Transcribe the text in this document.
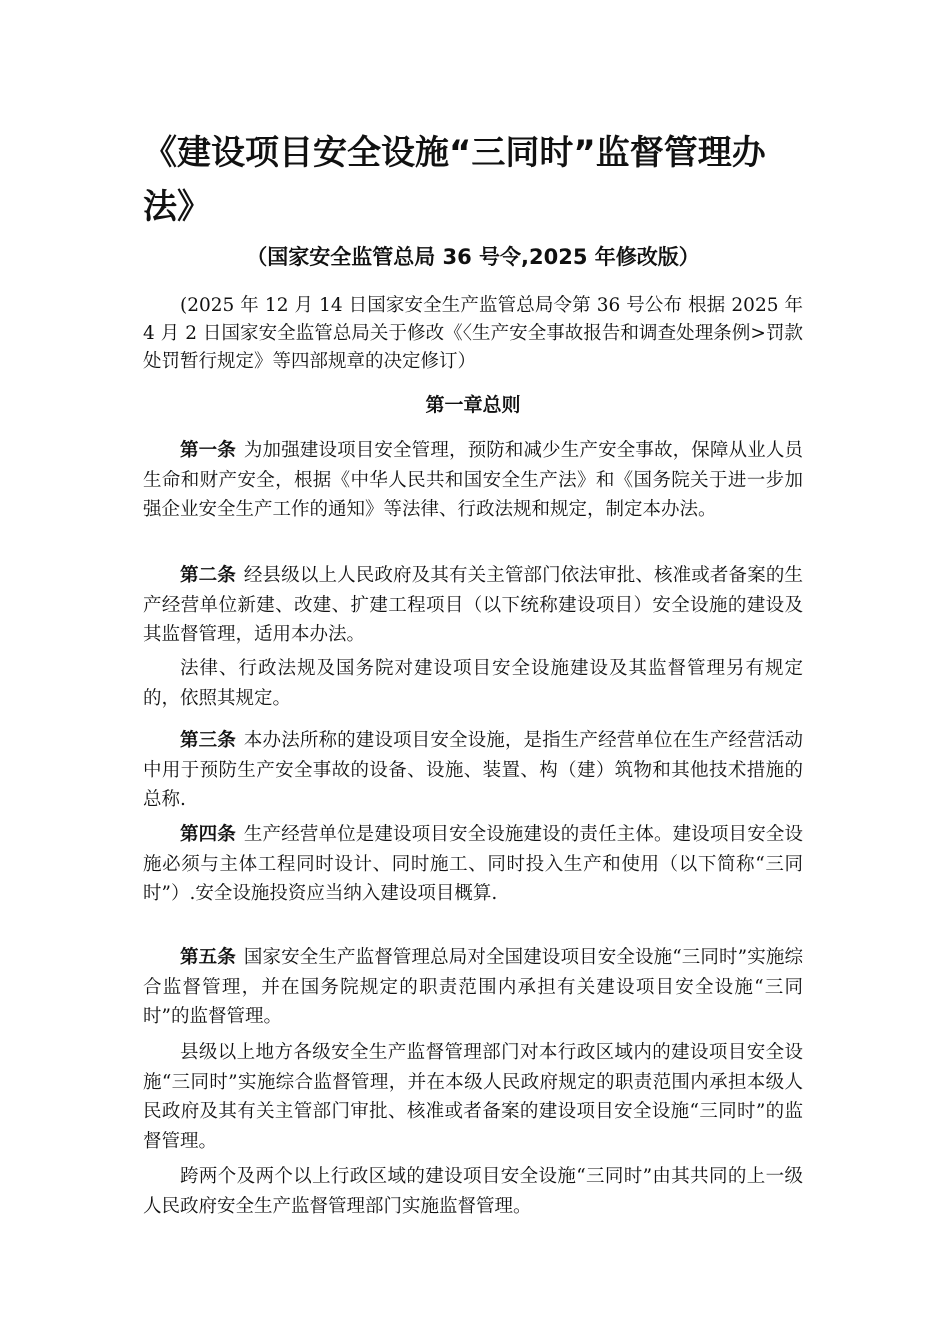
《建设项目安全设施“三同时”监督管理办法》
（国家安全监管总局 36 号令,2025 年修改版）
(2025 年 12 月 14 日国家安全生产监管总局令第 36 号公布 根据 2025 年 4 月 2 日国家安全监管总局关于修改《〈生产安全事故报告和调查处理条例>罚款处罚暂行规定》等四部规章的决定修订）
第一章总则

第一条 为加强建设项目安全管理，预防和减少生产安全事故，保障从业人员生命和财产安全，根据《中华人民共和国安全生产法》和《国务院关于进一步加强企业安全生产工作的通知》等法律、行政法规和规定，制定本办法。

第二条 经县级以上人民政府及其有关主管部门依法审批、核准或者备案的生产经营单位新建、改建、扩建工程项目（以下统称建设项目）安全设施的建设及其监督管理，适用本办法。

法律、行政法规及国务院对建设项目安全设施建设及其监督管理另有规定的，依照其规定。

第三条 本办法所称的建设项目安全设施，是指生产经营单位在生产经营活动中用于预防生产安全事故的设备、设施、装置、构（建）筑物和其他技术措施的总称.

第四条 生产经营单位是建设项目安全设施建设的责任主体。建设项目安全设施必须与主体工程同时设计、同时施工、同时投入生产和使用（以下简称“三同时”）.安全设施投资应当纳入建设项目概算.

第五条 国家安全生产监督管理总局对全国建设项目安全设施“三同时”实施综合监督管理，并在国务院规定的职责范围内承担有关建设项目安全设施“三同时”的监督管理。

县级以上地方各级安全生产监督管理部门对本行政区域内的建设项目安全设施“三同时”实施综合监督管理，并在本级人民政府规定的职责范围内承担本级人民政府及其有关主管部门审批、核准或者备案的建设项目安全设施“三同时”的监督管理。

跨两个及两个以上行政区域的建设项目安全设施“三同时”由其共同的上一级人民政府安全生产监督管理部门实施监督管理。
